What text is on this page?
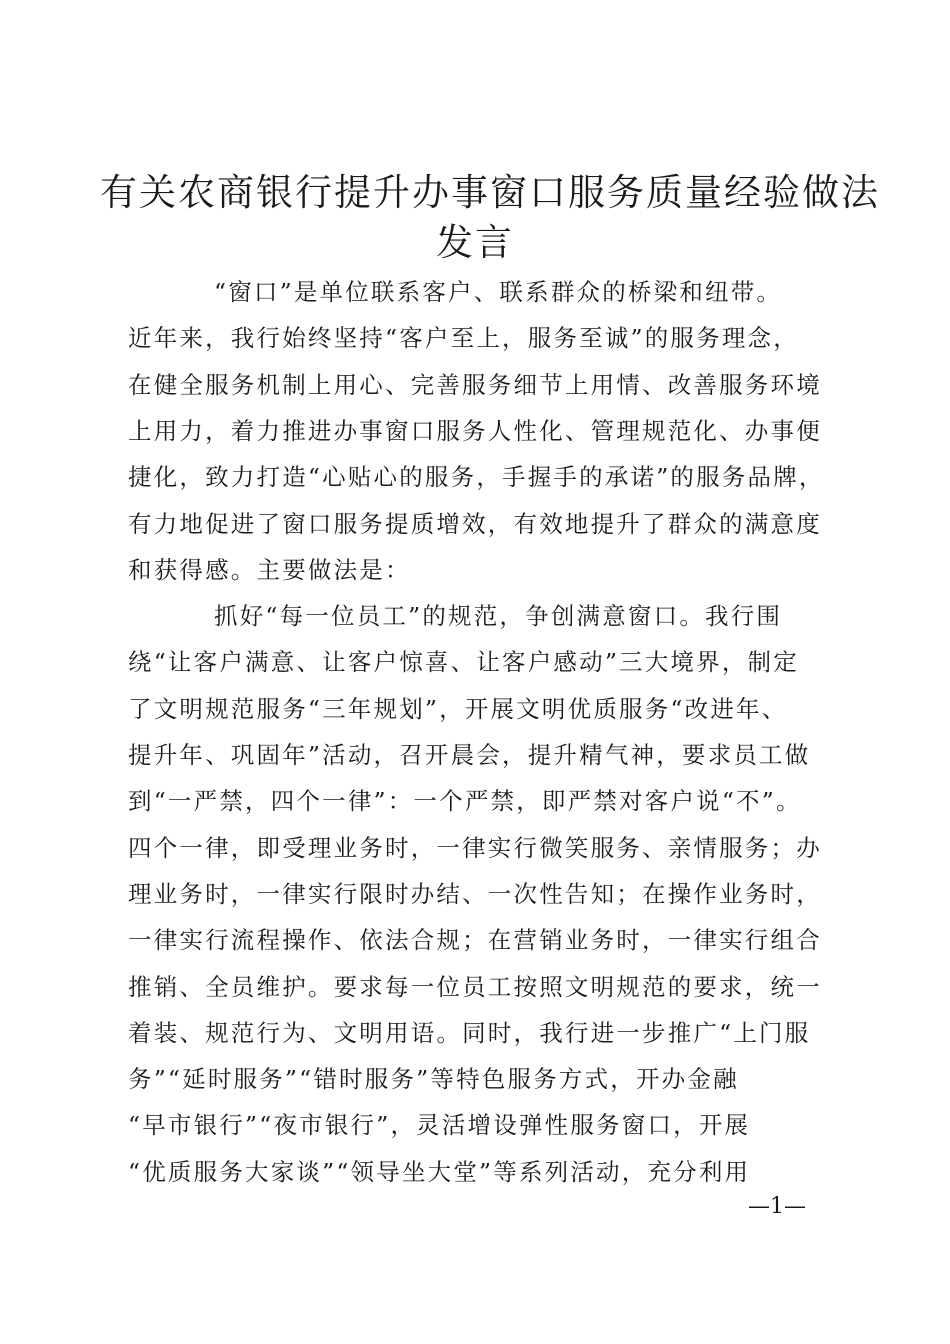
有关农商银行提升办事窗口服务质量经验做法
发言
“窗口”是单位联系客户、联系群众的桥梁和纽带。
近年来，我行始终坚持“客户至上，服务至诚”的服务理念，
在健全服务机制上用心、完善服务细节上用情、改善服务环境
上用力，着力推进办事窗口服务人性化、管理规范化、办事便
捷化，致力打造“心贴心的服务，手握手的承诺”的服务品牌，
有力地促进了窗口服务提质增效，有效地提升了群众的满意度
和获得感。主要做法是：
抓好“每一位员工”的规范，争创满意窗口。我行围
绕“让客户满意、让客户惊喜、让客户感动”三大境界，制定
了文明规范服务“三年规划”，开展文明优质服务“改进年、
提升年、巩固年”活动，召开晨会，提升精气神，要求员工做
到“一严禁，四个一律”：一个严禁，即严禁对客户说“不”。
四个一律，即受理业务时，一律实行微笑服务、亲情服务；办
理业务时，一律实行限时办结、一次性告知；在操作业务时，
一律实行流程操作、依法合规；在营销业务时，一律实行组合
推销、全员维护。要求每一位员工按照文明规范的要求，统一
着装、规范行为、文明用语。同时，我行进一步推广“上门服
务”“延时服务”“错时服务”等特色服务方式，开办金融
“早市银行”“夜市银行”，灵活增设弹性服务窗口，开展
“优质服务大家谈”“领导坐大堂”等系列活动，充分利用
—1—
